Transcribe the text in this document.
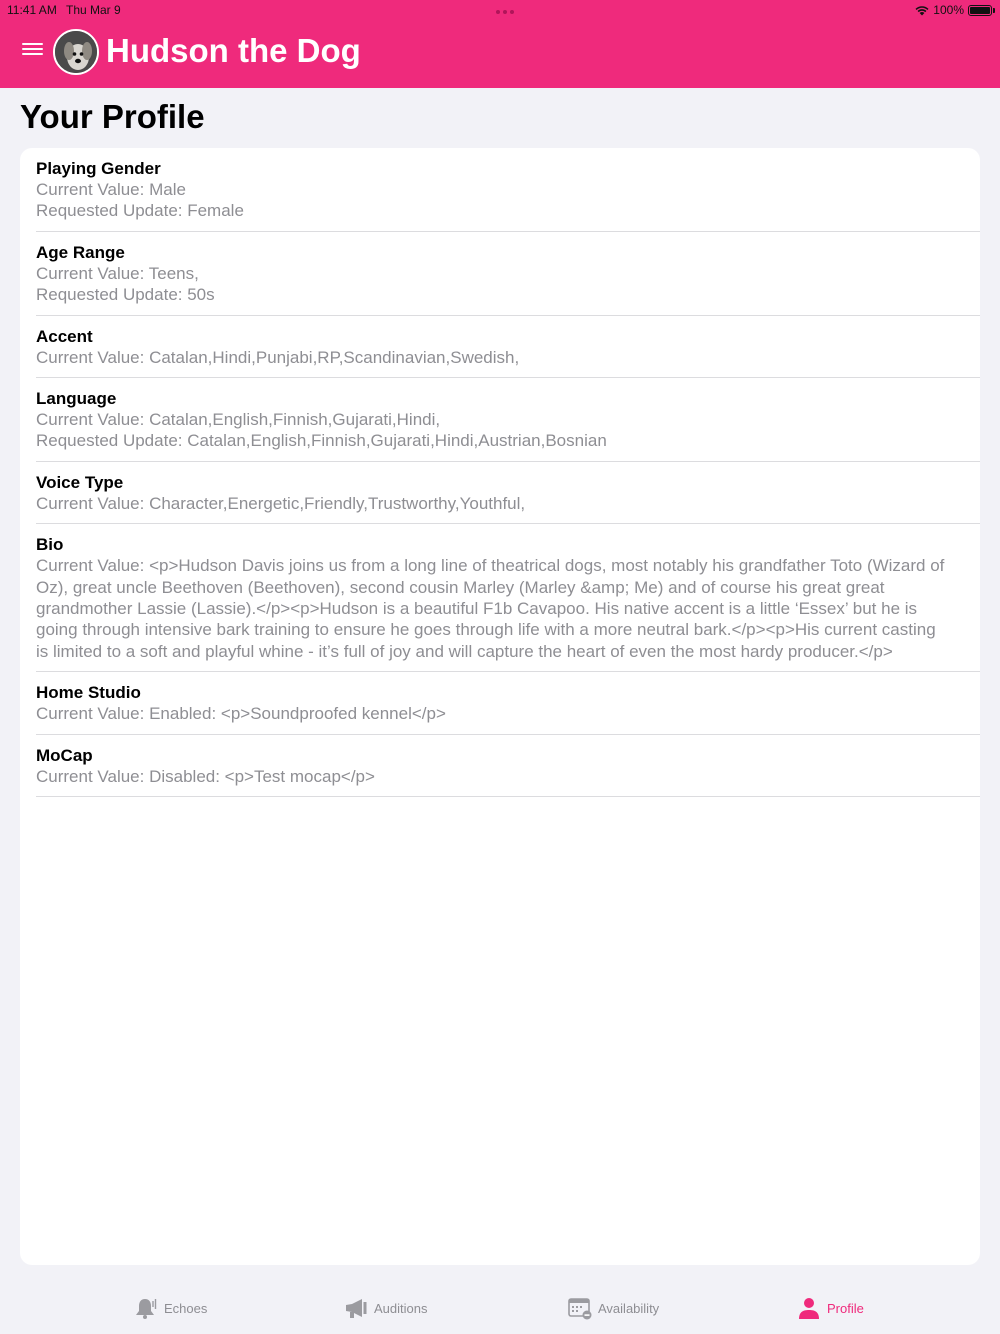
11:41 AM Thu Mar 9	100%
Hudson the Dog
Your Profile
Playing Gender
Current Value: Male
Requested Update: Female
Age Range
Current Value: Teens,
Requested Update: 50s
Accent
Current Value: Catalan,Hindi,Punjabi,RP,Scandinavian,Swedish,
Language
Current Value: Catalan,English,Finnish,Gujarati,Hindi,
Requested Update: Catalan,English,Finnish,Gujarati,Hindi,Austrian,Bosnian
Voice Type
Current Value: Character,Energetic,Friendly,Trustworthy,Youthful,
Bio
Current Value: <p>Hudson Davis joins us from a long line of theatrical dogs, most notably his grandfather Toto (Wizard of Oz), great uncle Beethoven (Beethoven), second cousin Marley (Marley &amp; Me) and of course his great great grandmother Lassie (Lassie).</p><p>Hudson is a beautiful F1b Cavapoo. His native accent is a little ‘Essex’ but he is going through intensive bark training to ensure he goes through life with a more neutral bark.</p><p>His current casting is limited to a soft and playful whine - it’s full of joy and will capture the heart of even the most hardy producer.</p>
Home Studio
Current Value: Enabled: <p>Soundproofed kennel</p>
MoCap
Current Value: Disabled: <p>Test mocap</p>
Echoes	Auditions	Availability	Profile
